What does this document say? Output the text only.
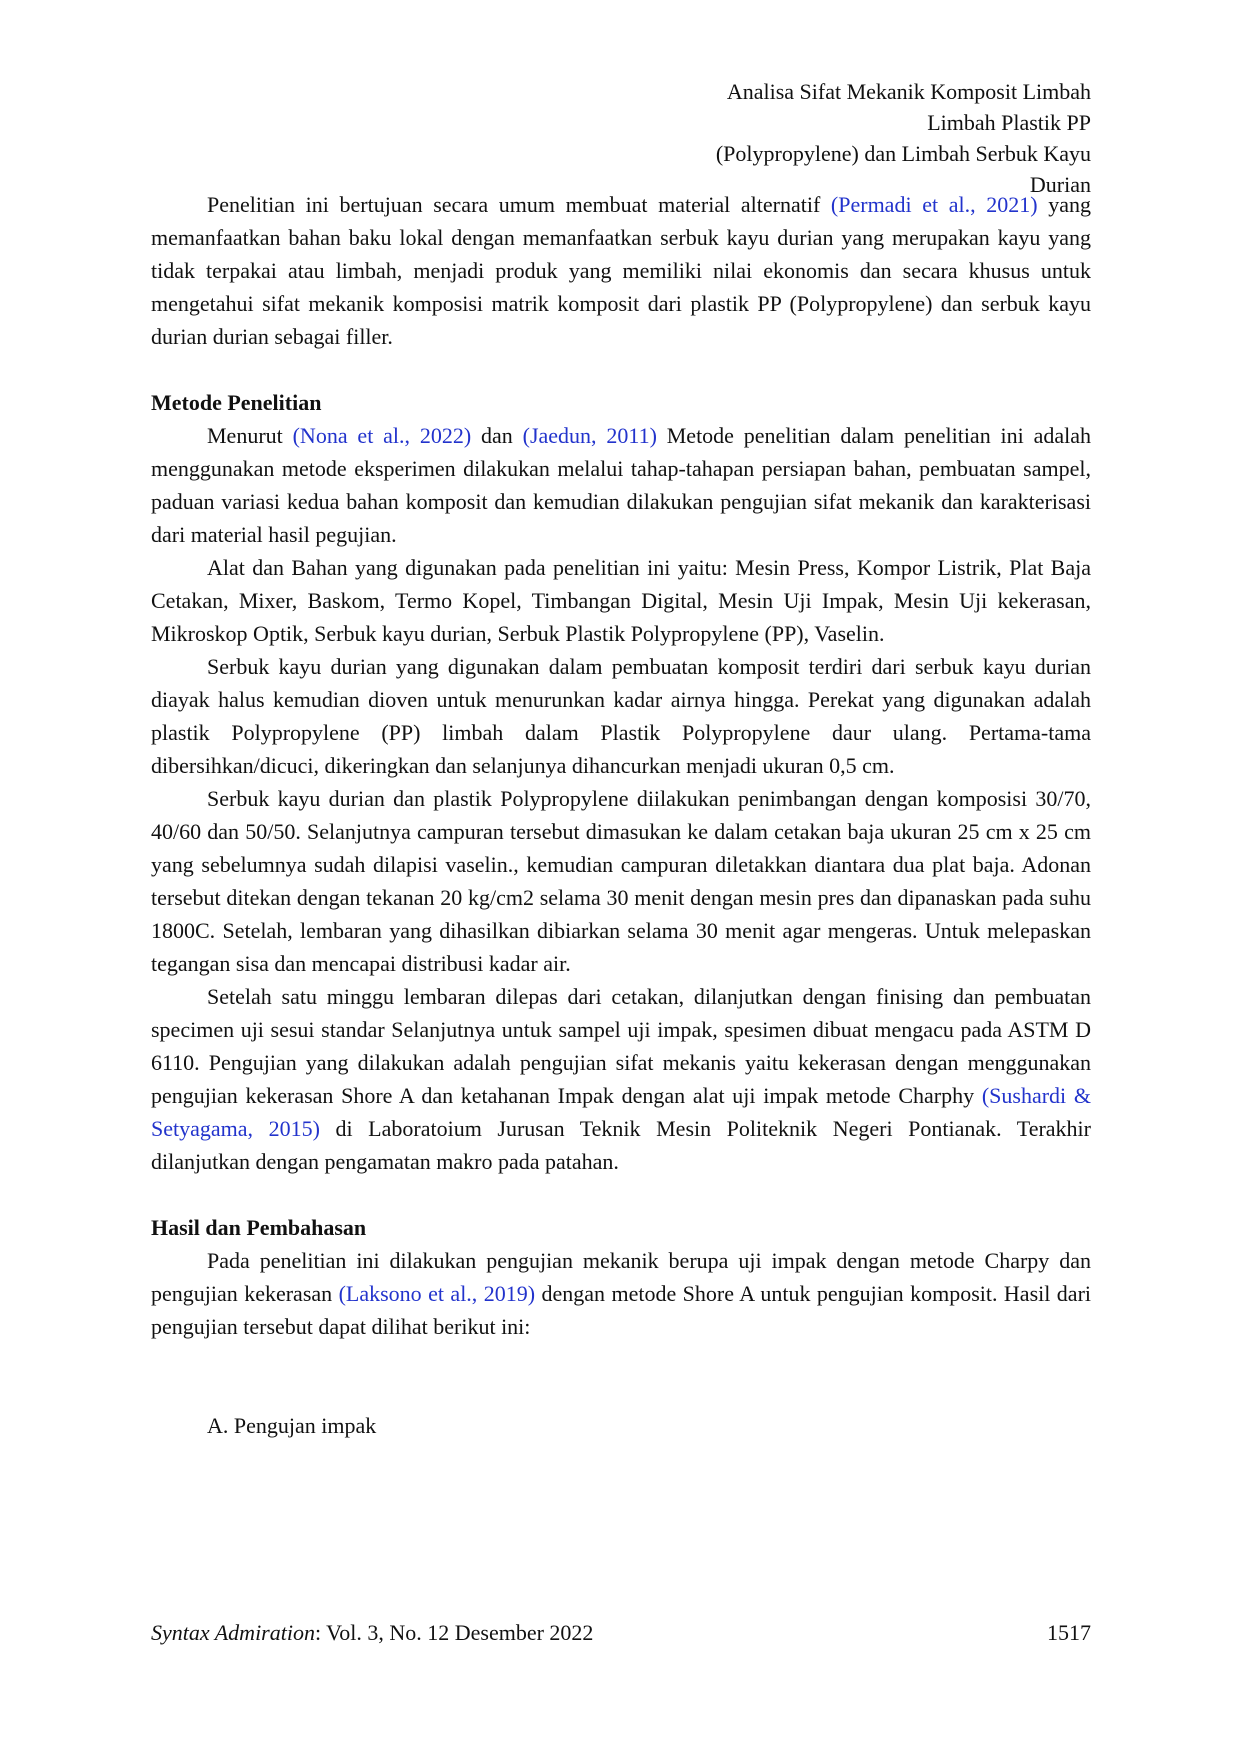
Analisa Sifat Mekanik Komposit Limbah Limbah Plastik PP
(Polypropylene) dan Limbah Serbuk Kayu Durian

Penelitian ini bertujuan secara umum membuat material alternatif (Permadi et al., 2021) yang memanfaatkan bahan baku lokal dengan memanfaatkan serbuk kayu durian yang merupakan kayu yang tidak terpakai atau limbah, menjadi produk yang memiliki nilai ekonomis dan secara khusus untuk mengetahui sifat mekanik komposisi matrik komposit dari plastik PP (Polypropylene) dan serbuk kayu durian durian sebagai filler.

Metode Penelitian

Menurut (Nona et al., 2022) dan (Jaedun, 2011) Metode penelitian dalam penelitian ini adalah menggunakan metode eksperimen dilakukan melalui tahap-tahapan persiapan bahan, pembuatan sampel, paduan variasi kedua bahan komposit dan kemudian dilakukan pengujian sifat mekanik dan karakterisasi dari material hasil pegujian.

Alat dan Bahan yang digunakan pada penelitian ini yaitu: Mesin Press, Kompor Listrik, Plat Baja Cetakan, Mixer, Baskom, Termo Kopel, Timbangan Digital, Mesin Uji Impak, Mesin Uji kekerasan, Mikroskop Optik, Serbuk kayu durian, Serbuk Plastik Polypropylene (PP), Vaselin.

Serbuk kayu durian yang digunakan dalam pembuatan komposit terdiri dari serbuk kayu durian diayak halus kemudian dioven untuk menurunkan kadar airnya hingga. Perekat yang digunakan adalah plastik Polypropylene (PP) limbah dalam Plastik Polypropylene daur ulang. Pertama-tama dibersihkan/dicuci, dikeringkan dan selanjunya dihancurkan menjadi ukuran 0,5 cm.

Serbuk kayu durian dan plastik Polypropylene diilakukan penimbangan dengan komposisi 30/70, 40/60 dan 50/50. Selanjutnya campuran tersebut dimasukan ke dalam cetakan baja ukuran 25 cm x 25 cm yang sebelumnya sudah dilapisi vaselin., kemudian campuran diletakkan diantara dua plat baja. Adonan tersebut ditekan dengan tekanan 20 kg/cm2 selama 30 menit dengan mesin pres dan dipanaskan pada suhu 1800C. Setelah, lembaran yang dihasilkan dibiarkan selama 30 menit agar mengeras. Untuk melepaskan tegangan sisa dan mencapai distribusi kadar air.

Setelah satu minggu lembaran dilepas dari cetakan, dilanjutkan dengan finising dan pembuatan specimen uji sesui standar Selanjutnya untuk sampel uji impak, spesimen dibuat mengacu pada ASTM D 6110. Pengujian yang dilakukan adalah pengujian sifat mekanis yaitu kekerasan dengan menggunakan pengujian kekerasan Shore A dan ketahanan Impak dengan alat uji impak metode Charphy (Sushardi & Setyagama, 2015) di Laboratoium Jurusan Teknik Mesin Politeknik Negeri Pontianak. Terakhir dilanjutkan dengan pengamatan makro pada patahan.

Hasil dan Pembahasan

Pada penelitian ini dilakukan pengujian mekanik berupa uji impak dengan metode Charpy dan pengujian kekerasan (Laksono et al., 2019) dengan metode Shore A untuk pengujian komposit. Hasil dari pengujian tersebut dapat dilihat berikut ini:

A. Pengujan impak

Syntax Admiration: Vol. 3, No. 12 Desember 2022	1517
